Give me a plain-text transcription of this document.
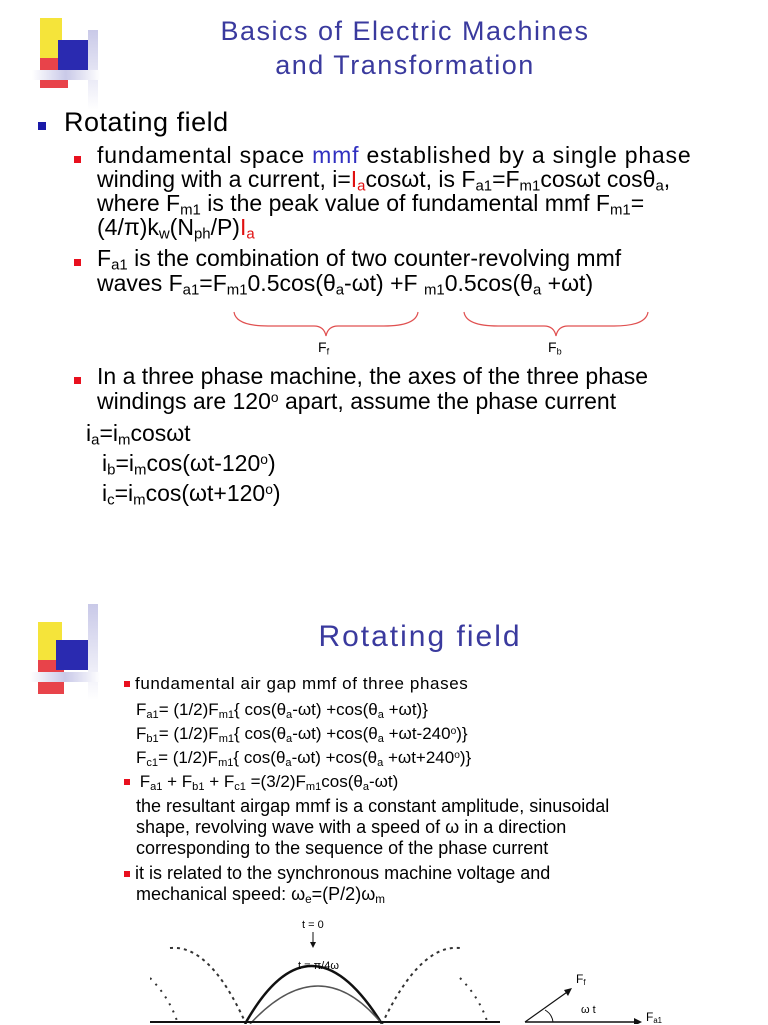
Basics of Electric Machines
and Transformation
Rotating field
fundamental space mmf established by a single phase
winding with a current, $i=I_a\cos\omega t$, is $F_{a1}=F_{m1}\cos\omega t$ cosθ$_a$,
where $F_{m1}$ is the peak value of fundamental mmf $F_{m1}=$
$(4/\pi)k_w(N_{ph}/P)I_a$
$F_{a1}$ is the combination of two counter-revolving mmf
waves $F_{a1}=F_{m1}0.5\cos(\theta_a-\omega t) +F$ $_{m1}0.5\cos(\theta_a +\omega t)$
$F_f$	$F_b$
In a three phase machine, the axes of the three phase
windings are 120$^o$ apart, assume the phase current
$i_a=i_m\cos\omega t$
$i_b=i_m\cos(\omega t-120^o)$
$i_c=i_m\cos(\omega t+120^o)$
Rotating field
fundamental air gap mmf of three phases
$F_{a1}= (1/2)F_{m1}${ $\cos(\theta_a-\omega t) +\cos(\theta_a +\omega t)$}
$F_{b1}= (1/2)F_{m1}${ $\cos(\theta_a-\omega t) +\cos(\theta_a +\omega t-240^o)$}
$F_{c1}= (1/2)F_{m1}${ $\cos(\theta_a-\omega t) +\cos(\theta_a +\omega t+240^o)$}
$F_{a1} + F_{b1} + F_{c1} =(3/2)F_{m1}\cos(\theta_a-\omega t)$
the resultant airgap mmf is a constant amplitude, sinusoidal
shape, revolving wave with a speed of ω in a direction
corresponding to the sequence of the phase current
it is related to the synchronous machine voltage and
mechanical speed: $\omega_e=(P/2)\omega_m$
t = 0
t = π/4ω
$F_f$
ω t	$F_{a1}$
